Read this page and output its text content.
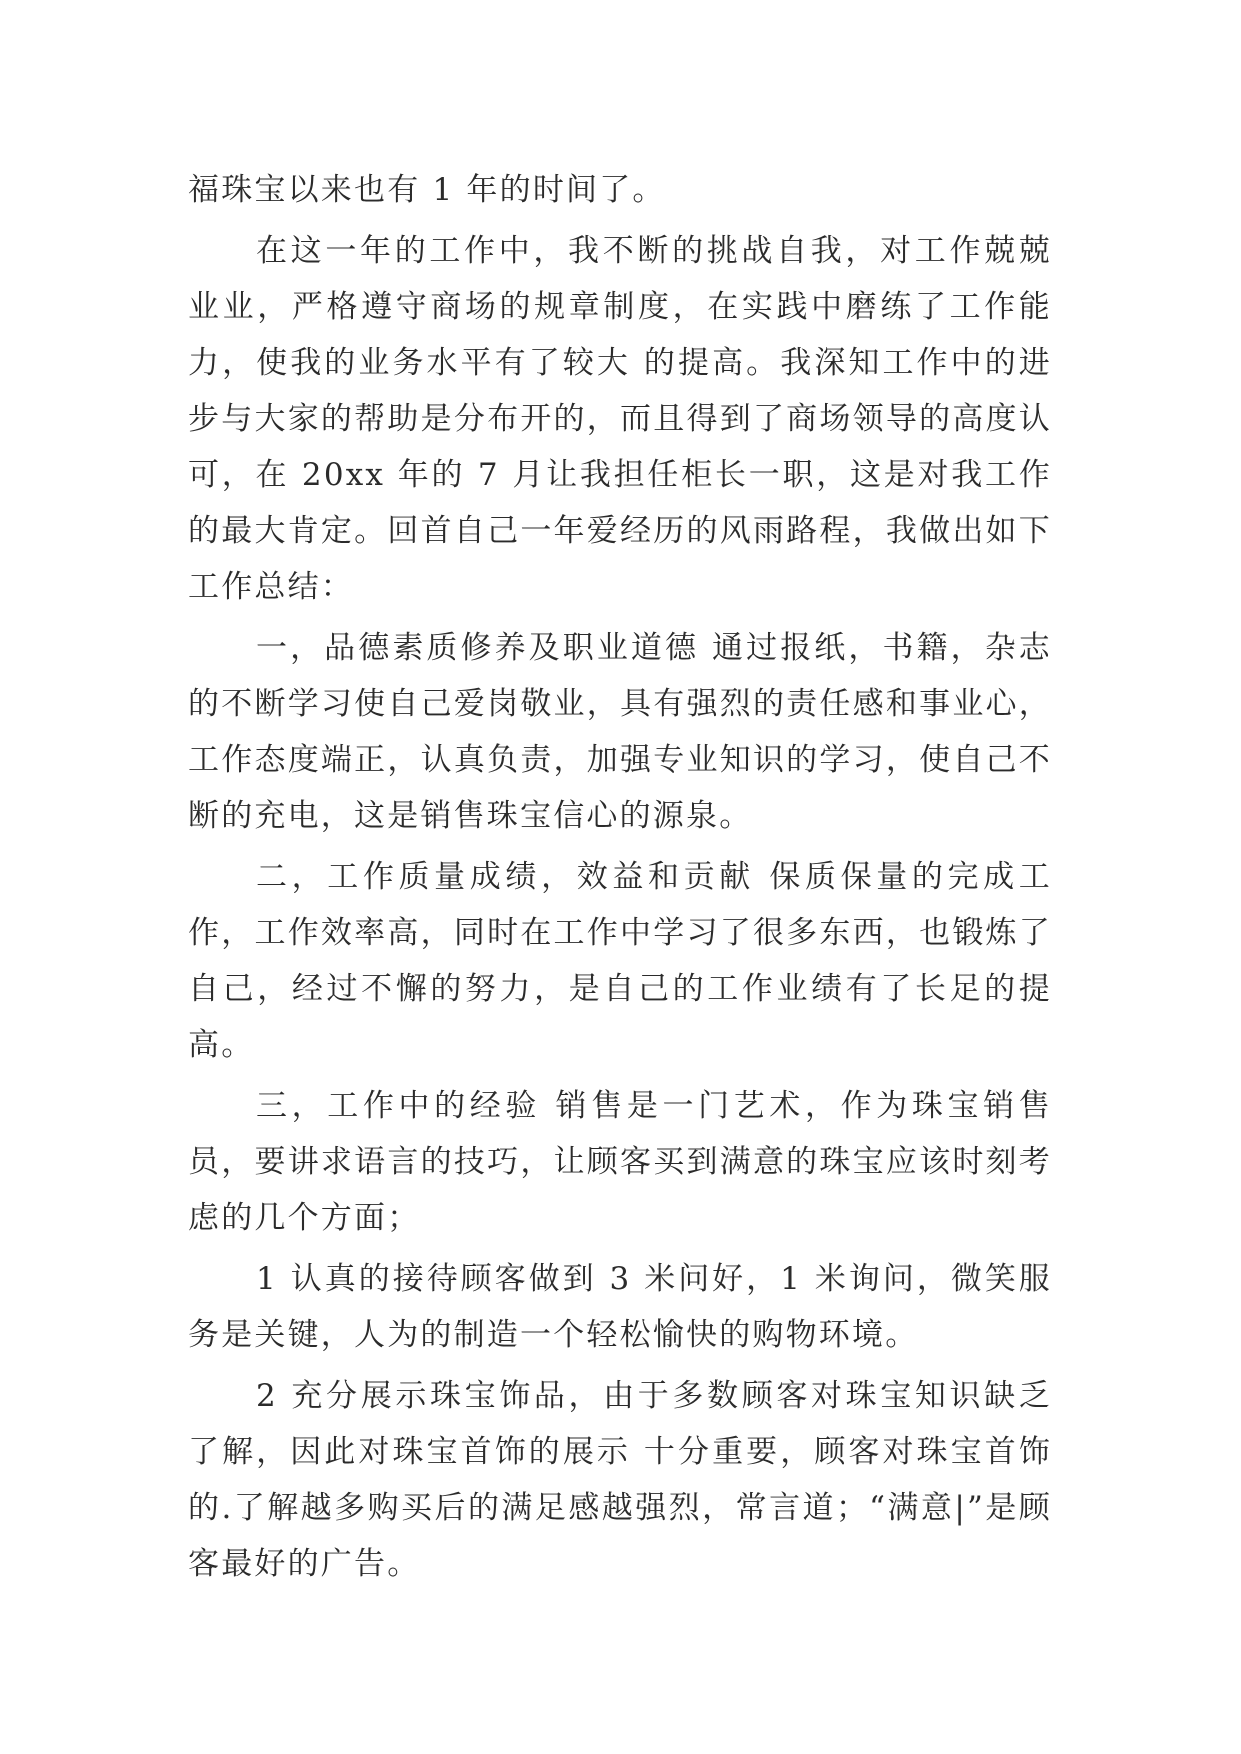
福珠宝以来也有 1 年的时间了。

在这一年的工作中，我不断的挑战自我，对工作兢兢业业，严格遵守商场的规章制度，在实践中磨练了工作能力，使我的业务水平有了较大 的提高。我深知工作中的进步与大家的帮助是分布开的，而且得到了商场领导的高度认可，在 20xx 年的 7 月让我担任柜长一职，这是对我工作的最大肯定。回首自己一年爱经历的风雨路程，我做出如下工作总结：

一，品德素质修养及职业道德 通过报纸，书籍，杂志的不断学习使自己爱岗敬业，具有强烈的责任感和事业心，工作态度端正，认真负责，加强专业知识的学习，使自己不断的充电，这是销售珠宝信心的源泉。

二，工作质量成绩，效益和贡献 保质保量的完成工作，工作效率高，同时在工作中学习了很多东西，也锻炼了自己，经过不懈的努力，是自己的工作业绩有了长足的提高。

三，工作中的经验 销售是一门艺术，作为珠宝销售员，要讲求语言的技巧，让顾客买到满意的珠宝应该时刻考虑的几个方面；

1 认真的接待顾客做到 3 米问好，1 米询问，微笑服务是关键，人为的制造一个轻松愉快的购物环境。

2 充分展示珠宝饰品，由于多数顾客对珠宝知识缺乏了解，因此对珠宝首饰的展示 十分重要，顾客对珠宝首饰的.了解越多购买后的满足感越强烈，常言道；“满意|”是顾客最好的广告。
